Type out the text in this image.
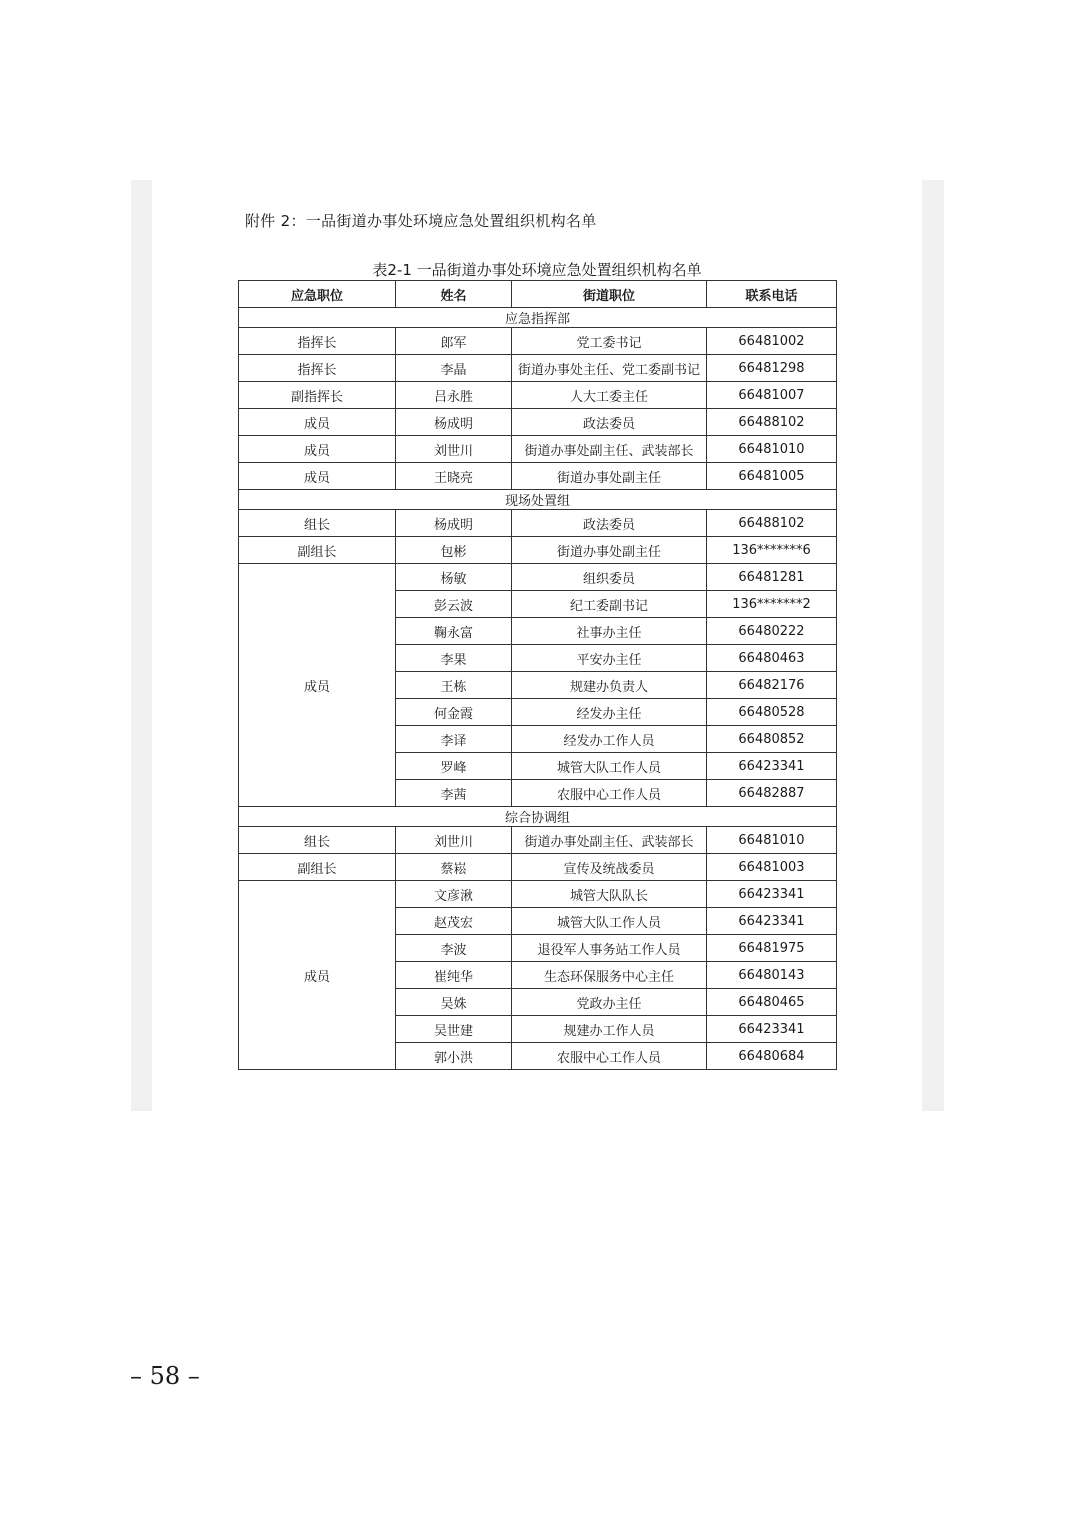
附件 2：一品街道办事处环境应急处置组织机构名单
表2-1 一品街道办事处环境应急处置组织机构名单
应急职位	姓名	街道职位	联系电话
应急指挥部			
指挥长	郎军	党工委书记	66481002
指挥长	李晶	街道办事处主任、党工委副书记	66481298
副指挥长	吕永胜	人大工委主任	66481007
成员	杨成明	政法委员	66488102
成员	刘世川	街道办事处副主任、武装部长	66481010
成员	王晓亮	街道办事处副主任	66481005
现场处置组			
组长	杨成明	政法委员	66488102
副组长	包彬	街道办事处副主任	136*******6
成员	杨敏	组织委员	66481281
	彭云波	纪工委副书记	136*******2
	鞠永富	社事办主任	66480222
	李果	平安办主任	66480463
	王栋	规建办负责人	66482176
	何金霞	经发办主任	66480528
	李译	经发办工作人员	66480852
	罗峰	城管大队工作人员	66423341
	李茜	农服中心工作人员	66482887
综合协调组			
组长	刘世川	街道办事处副主任、武装部长	66481010
副组长	蔡崧	宣传及统战委员	66481003
成员	文彦湫	城管大队队长	66423341
	赵茂宏	城管大队工作人员	66423341
	李波	退役军人事务站工作人员	66481975
	崔纯华	生态环保服务中心主任	66480143
	吴姝	党政办主任	66480465
	吴世建	规建办工作人员	66423341
	郭小洪	农服中心工作人员	66480684
– 58 –
